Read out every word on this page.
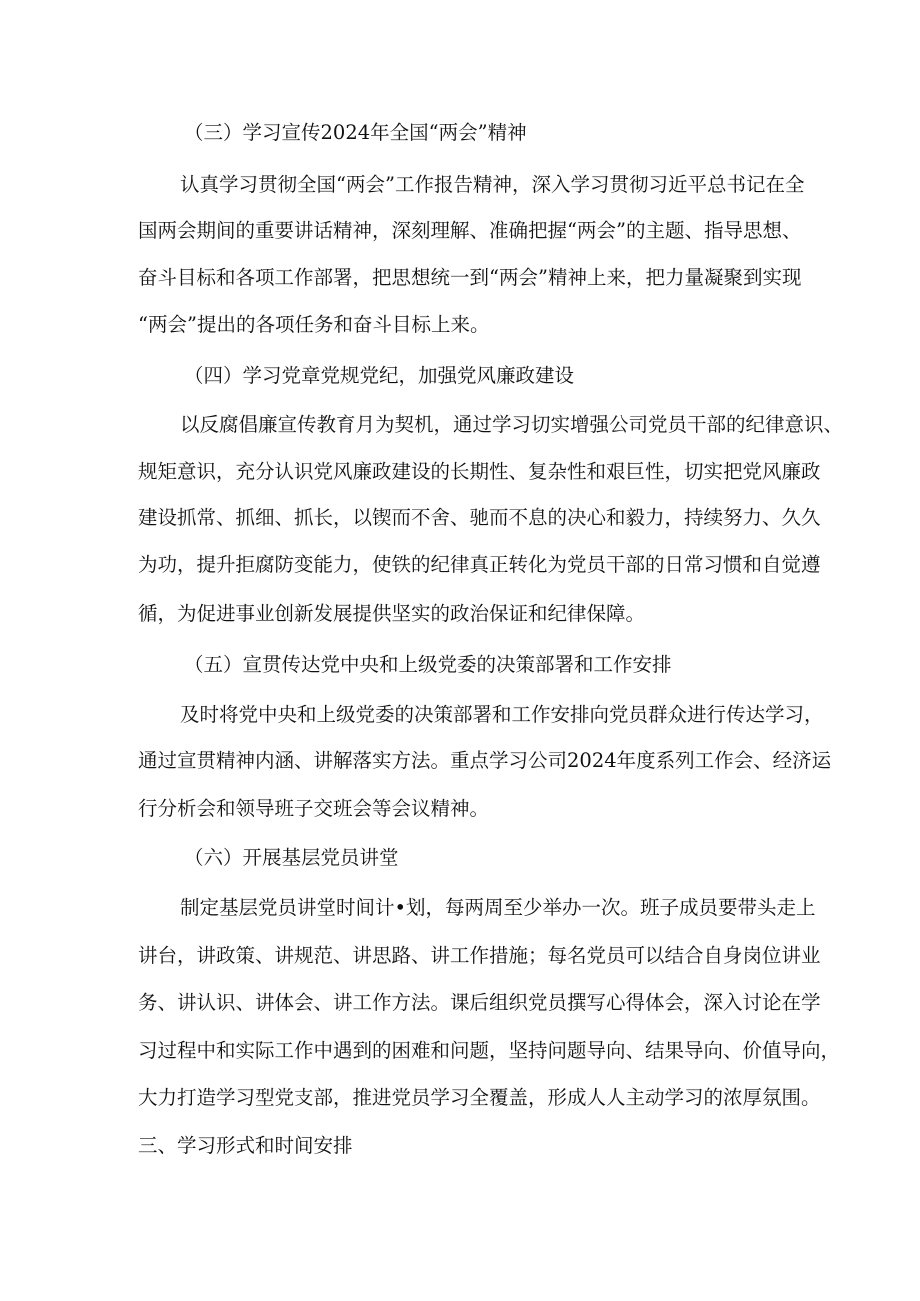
（三）学习宣传2024年全国“两会”精神

认真学习贯彻全国“两会”工作报告精神，深入学习贯彻习近平总书记在全

国两会期间的重要讲话精神，深刻理解、准确把握“两会”的主题、指导思想、

奋斗目标和各项工作部署，把思想统一到“两会”精神上来，把力量凝聚到实现

“两会”提出的各项任务和奋斗目标上来。

（四）学习党章党规党纪，加强党风廉政建设

以反腐倡廉宣传教育月为契机，通过学习切实增强公司党员干部的纪律意识、

规矩意识，充分认识党风廉政建设的长期性、复杂性和艰巨性，切实把党风廉政

建设抓常、抓细、抓长，以锲而不舍、驰而不息的决心和毅力，持续努力、久久

为功，提升拒腐防变能力，使铁的纪律真正转化为党员干部的日常习惯和自觉遵

循，为促进事业创新发展提供坚实的政治保证和纪律保障。

（五）宣贯传达党中央和上级党委的决策部署和工作安排

及时将党中央和上级党委的决策部署和工作安排向党员群众进行传达学习，

通过宣贯精神内涵、讲解落实方法。重点学习公司2024年度系列工作会、经济运

行分析会和领导班子交班会等会议精神。

（六）开展基层党员讲堂

制定基层党员讲堂时间计•划，每两周至少举办一次。班子成员要带头走上

讲台，讲政策、讲规范、讲思路、讲工作措施；每名党员可以结合自身岗位讲业

务、讲认识、讲体会、讲工作方法。课后组织党员撰写心得体会，深入讨论在学

习过程中和实际工作中遇到的困难和问题，坚持问题导向、结果导向、价值导向，

大力打造学习型党支部，推进党员学习全覆盖，形成人人主动学习的浓厚氛围。

三、学习形式和时间安排
